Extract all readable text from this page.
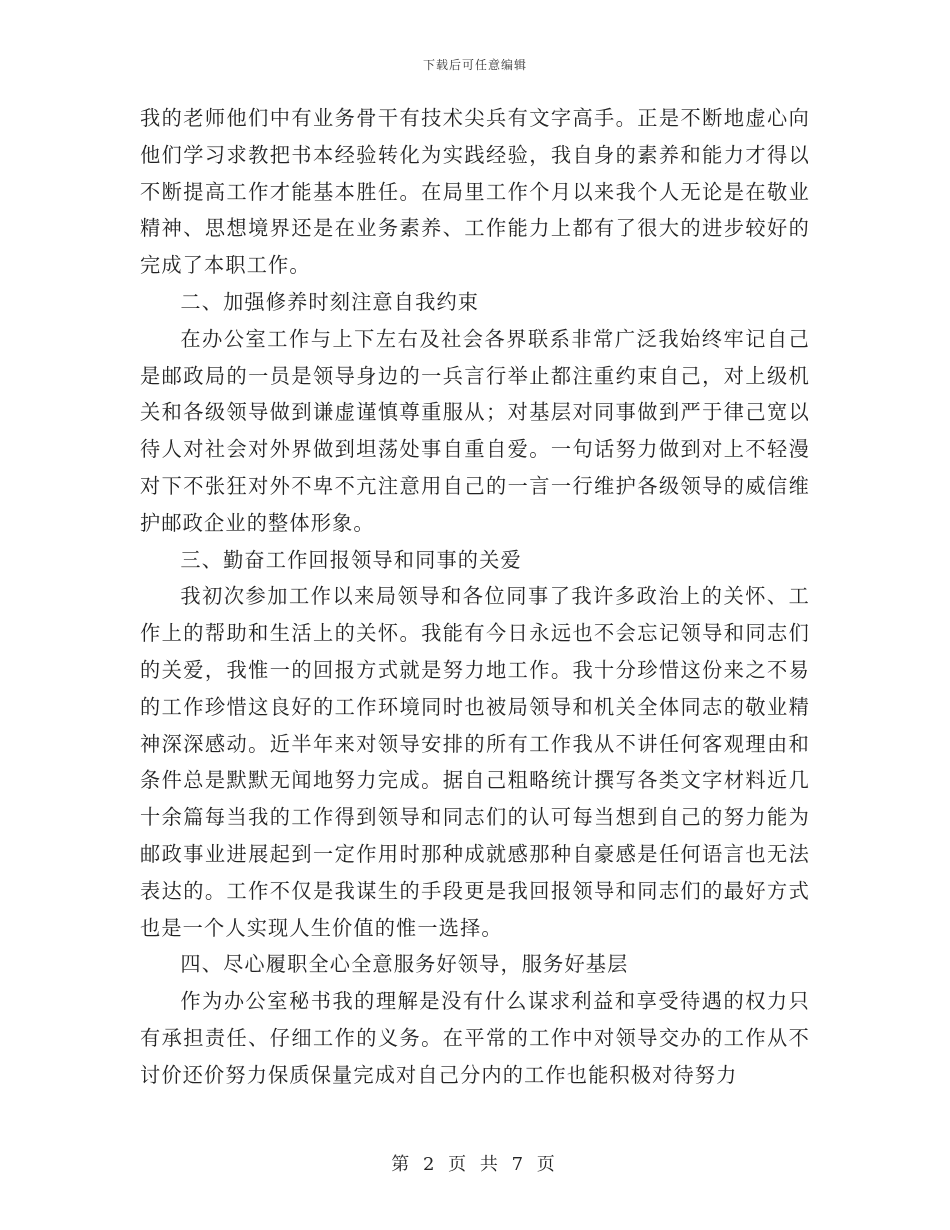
下载后可任意编辑

我的老师他们中有业务骨干有技术尖兵有文字高手。正是不断地虚心向他们学习求教把书本经验转化为实践经验，我自身的素养和能力才得以不断提高工作才能基本胜任。在局里工作个月以来我个人无论是在敬业精神、思想境界还是在业务素养、工作能力上都有了很大的进步较好的完成了本职工作。

二、加强修养时刻注意自我约束

在办公室工作与上下左右及社会各界联系非常广泛我始终牢记自己是邮政局的一员是领导身边的一兵言行举止都注重约束自己，对上级机关和各级领导做到谦虚谨慎尊重服从；对基层对同事做到严于律己宽以待人对社会对外界做到坦荡处事自重自爱。一句话努力做到对上不轻漫对下不张狂对外不卑不亢注意用自己的一言一行维护各级领导的威信维护邮政企业的整体形象。

三、勤奋工作回报领导和同事的关爱

我初次参加工作以来局领导和各位同事了我许多政治上的关怀、工作上的帮助和生活上的关怀。我能有今日永远也不会忘记领导和同志们的关爱，我惟一的回报方式就是努力地工作。我十分珍惜这份来之不易的工作珍惜这良好的工作环境同时也被局领导和机关全体同志的敬业精神深深感动。近半年来对领导安排的所有工作我从不讲任何客观理由和条件总是默默无闻地努力完成。据自己粗略统计撰写各类文字材料近几十余篇每当我的工作得到领导和同志们的认可每当想到自己的努力能为邮政事业进展起到一定作用时那种成就感那种自豪感是任何语言也无法表达的。工作不仅是我谋生的手段更是我回报领导和同志们的最好方式也是一个人实现人生价值的惟一选择。

四、尽心履职全心全意服务好领导，服务好基层

作为办公室秘书我的理解是没有什么谋求利益和享受待遇的权力只有承担责任、仔细工作的义务。在平常的工作中对领导交办的工作从不讨价还价努力保质保量完成对自己分内的工作也能积极对待努力

第 2 页 共 7 页
